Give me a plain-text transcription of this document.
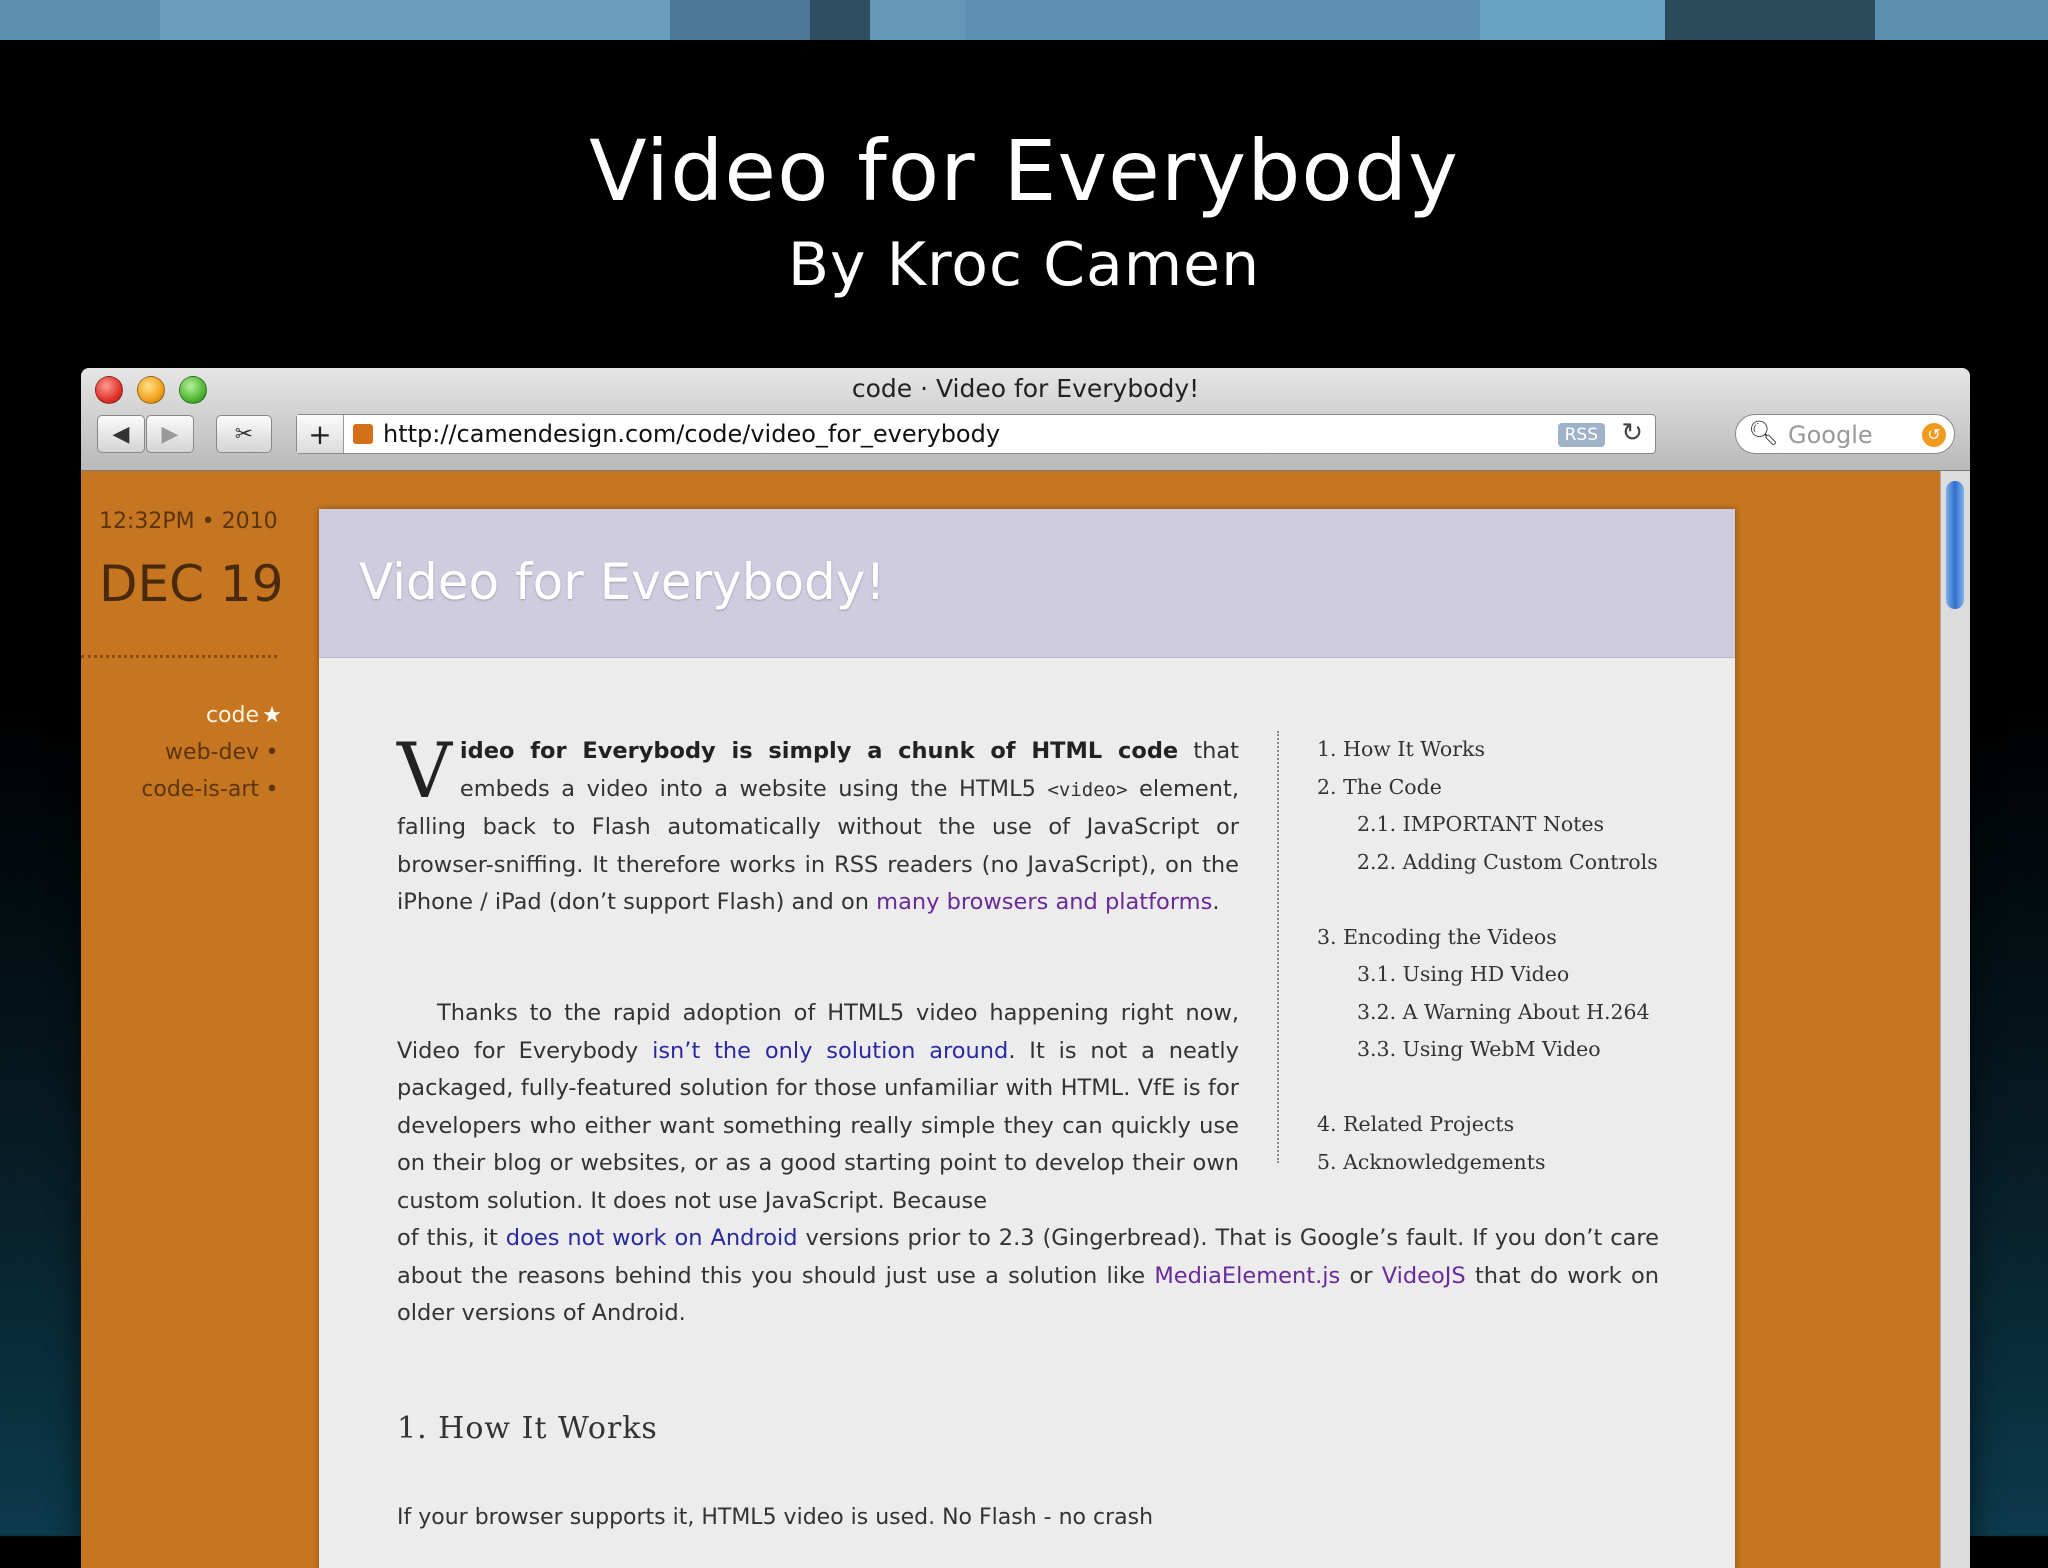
Video for Everybody
By Kroc Camen
code · Video for Everybody!
◀ ▶	✂ + http://camendesign.com/code/video_for_everybody	RSS ↻	🔍︎ Google	↺
12:32PM • 2010
DEC 19
code ★
web-dev •
code-is-art •
Video for Everybody!
Video for Everybody is simply a chunk of HTML code that embeds a video into a website using the HTML5 <video> element, falling back to Flash automatically without the use of JavaScript or browser-sniffing. It therefore works in RSS readers (no JavaScript), on the iPhone / iPad (don’t support Flash) and on many browsers and platforms.
Thanks to the rapid adoption of HTML5 video happening right now, Video for Everybody isn’t the only solution around. It is not a neatly packaged, fully-featured solution for those unfamiliar with HTML. VfE is for developers who either want something really simple they can quickly use on their blog or websites, or as a good starting point to develop their own custom solution. It does not use JavaScript. Because
of this, it does not work on Android versions prior to 2.3 (Gingerbread). That is Google’s fault. If you don’t care about the reasons behind this you should just use a solution like MediaElement.js or VideoJS that do work on older versions of Android.
1. How It Works
2. The Code
2.1. IMPORTANT Notes
2.2. Adding Custom Controls
3. Encoding the Videos
3.1. Using HD Video
3.2. A Warning About H.264
3.3. Using WebM Video
4. Related Projects
5. Acknowledgements
1. How It Works
If your browser supports it, HTML5 video is used. No Flash - no crash
